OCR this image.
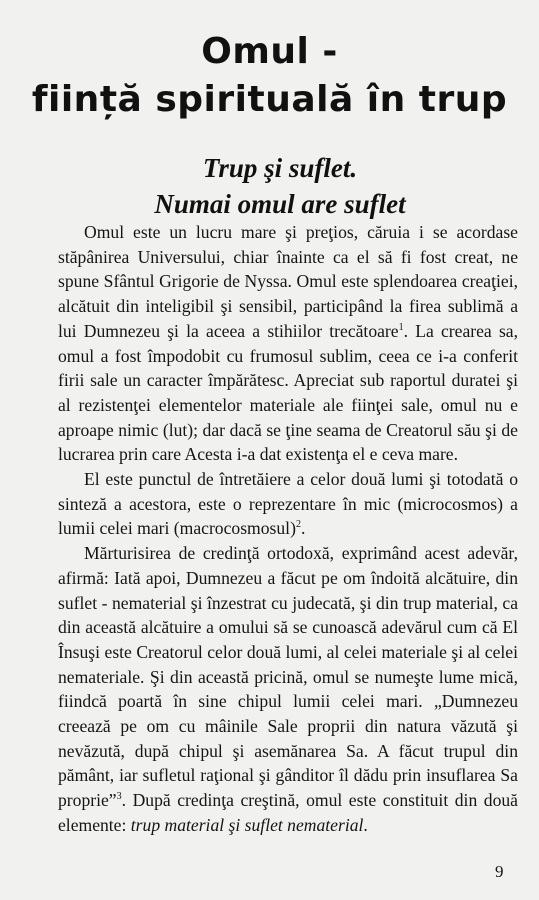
Omul -
ființă spirituală în trup
Trup şi suflet.
Numai omul are suflet

Omul este un lucru mare şi preţios, căruia i se acordase stăpânirea Universului, chiar înainte ca el să fi fost creat, ne spune Sfântul Grigorie de Nyssa. Omul este splendoarea creaţiei, alcătuit din inteligibil şi sensibil, participând la firea sublimă a lui Dumnezeu şi la aceea a stihiilor trecătoare$^1$. La crearea sa, omul a fost împodobit cu frumosul sublim, ceea ce i-a conferit firii sale un caracter împărătesc. Apreciat sub raportul duratei şi al rezistenţei elementelor materiale ale fiinţei sale, omul nu e aproape nimic (lut); dar dacă se ţine seama de Creatorul său şi de lucrarea prin care Acesta i-a dat existenţa el e ceva mare.

El este punctul de întretăiere a celor două lumi şi totodată o sinteză a acestora, este o reprezentare în mic (microcosmos) a lumii celei mari (macrocosmosul)$^2$.

Mărturisirea de credinţă ortodoxă, exprimând acest adevăr, afirmă: Iată apoi, Dumnezeu a făcut pe om îndoită alcătuire, din suflet - nematerial şi înzestrat cu judecată, şi din trup material, ca din această alcătuire a omului să se cunoască adevărul cum că El Însuşi este Creatorul celor două lumi, al celei materiale şi al celei nemateriale. Şi din această pricină, omul se numeşte lume mică, fiindcă poartă în sine chipul lumii celei mari. „Dumnezeu creează pe om cu mâinile Sale proprii din natura văzută şi nevăzută, după chipul şi asemănarea Sa. A făcut trupul din pământ, iar sufletul raţional şi gânditor îl dădu prin insuflarea Sa proprie”$^3$. După credinţa creştină, omul este constituit din două elemente: trup material şi suflet nematerial.

9
